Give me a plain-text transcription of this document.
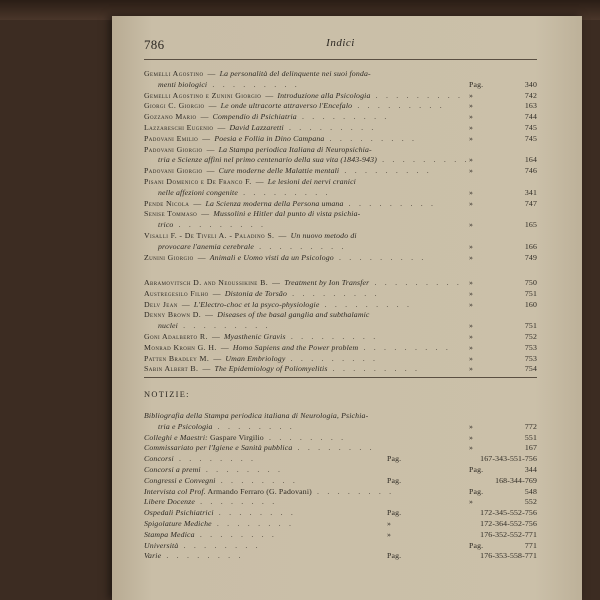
786	Indici
Gemelli Agostino — La personalità del delinquente nei suoi fonda-
menti biologici . . . . . . . . .	Pag.	340
Gemelli Agostino e Zunini Giorgio — Introduzione alla Psicologia . . . . . . . . . »	742
Giorgi C. Giorgio — Le onde ultracorte attraverso l'Encefalo . . . . . . . . .	»	163
Gozzano Mario — Compendio di Psichiatria . . . . . . . . .	»	744
Lazzareschi Eugenio — David Lazzaretti . . . . . . . . .	»	745
Padovani Emilio — Poesia e Follia in Dino Campana . . . . . . . . .	»	745
Padovani Giorgio — La Stampa periodica Italiana di Neuropsichia-
tria e Scienze affini nel primo centenario della sua vita (1843-943) . . . . . . . . . »	164
Padovani Giorgio — Cure moderne delle Malattie mentali . . . . . . . . .	»	746
Pisani Domenico e De Franco F. — Le lesioni dei nervi cranici
nelle affezioni congenite . . . . . . . . .	»	341
Pende Nicola — La Scienza moderna della Persona umana . . . . . . . . .	»	747
Senise Tommaso — Mussolini e Hitler dal punto di vista psichia-
trico . . . . . . . . .	»	165
Visalli F. - De Tiveli A. - Paladino S. — Un nuovo metodo di
provocare l'anemia cerebrale . . . . . . . . .	»	166
Zunini Giorgio — Animali e Uomo visti da un Psicologo . . . . . . . . .	»	749
Abramovitsch D. and Neoussikine B. — Treatment by Ion Transfer . . . . . . . . . »	750
Austregesilo Filho — Distonia de Torsão . . . . . . . . .	»	751
Delv Jean — L'Electro-choc et la psyco-physiologie . . . . . . . . .	»	160
Denny Brown D. — Diseases of the basal ganglia and subthalamic
nuclei . . . . . . . . .	»	751
Goni Adalberto R. — Myasthenic Gravis . . . . . . . . .	»	752
Monrad Krohn G. H. — Homo Sapiens and the Power problem . . . . . . . . . »	753
Patten Bradley M. — Uman Embriology . . . . . . . . .	»	753
Sabin Albert B. — The Epidemiology of Poliomyelitis . . . . . . . . .	»	754
NOTIZIE:
Bibliografia della Stampa periodica italiana di Neurologia, Psichia-
tria e Psicologia . . . . . . . .	»	772
Colleghi e Maestri: Gaspare Virgilio . . . . . . . .	»	551
Commissariato per l'Igiene e Sanità pubblica . . . . . . . .	»	167
Concorsi . . . . . . . .	Pag.	167-343-551-756
Concorsi a premi . . . . . . . .	Pag.	344
Congressi e Convegni . . . . . . . .	Pag.	168-344-769
Intervista col Prof. Armando Ferraro (G. Padovani) . . . . . . . .	Pag.	548
Libere Docenze . . . . . . . .	»	552
Ospedali Psichiatrici . . . . . . . .	Pag.	172-345-552-756
Spigolature Mediche . . . . . . . .	»	172-364-552-756
Stampa Medica . . . . . . . .	»	176-352-552-771
Università . . . . . . . .	Pag.	771
Varie . . . . . . . .	Pag.	176-353-558-771
